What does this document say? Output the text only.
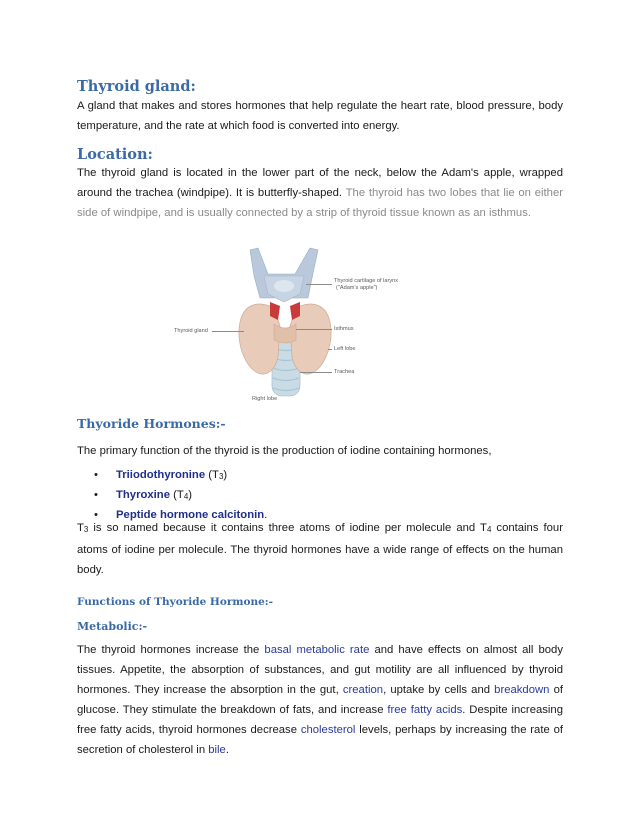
Thyroid gland:

A gland that makes and stores hormones that help regulate the heart rate, blood pressure, body temperature, and the rate at which food is converted into energy.

Location:

The thyroid gland is located in the lower part of the neck, below the Adam's apple, wrapped around the trachea (windpipe). It is butterfly-shaped. The thyroid has two lobes that lie on either side of windpipe, and is usually connected by a strip of thyroid tissue known as an isthmus.

Thyoride Hormones:-

The primary function of the thyroid is the production of iodine containing hormones,

• Triiodothyronine (T3)
• Thyroxine (T4)
• Peptide hormone calcitonin.

T3 is so named because it contains three atoms of iodine per molecule and T4 contains four atoms of iodine per molecule. The thyroid hormones have a wide range of effects on the human body.

Functions of Thyoride Hormone:-
Metabolic:-

The thyroid hormones increase the basal metabolic rate and have effects on almost all body tissues. Appetite, the absorption of substances, and gut motility are all influenced by thyroid hormones. They increase the absorption in the gut, creation, uptake by cells and breakdown of glucose. They stimulate the breakdown of fats, and increase free fatty acids. Despite increasing free fatty acids, thyroid hormones decrease cholesterol levels, perhaps by increasing the rate of secretion of cholesterol in bile.

Thyroid cartilage of larynx
("Adam's apple")
Thyroid gland	Isthmus
Left lobe
Trachea
Right lobe
